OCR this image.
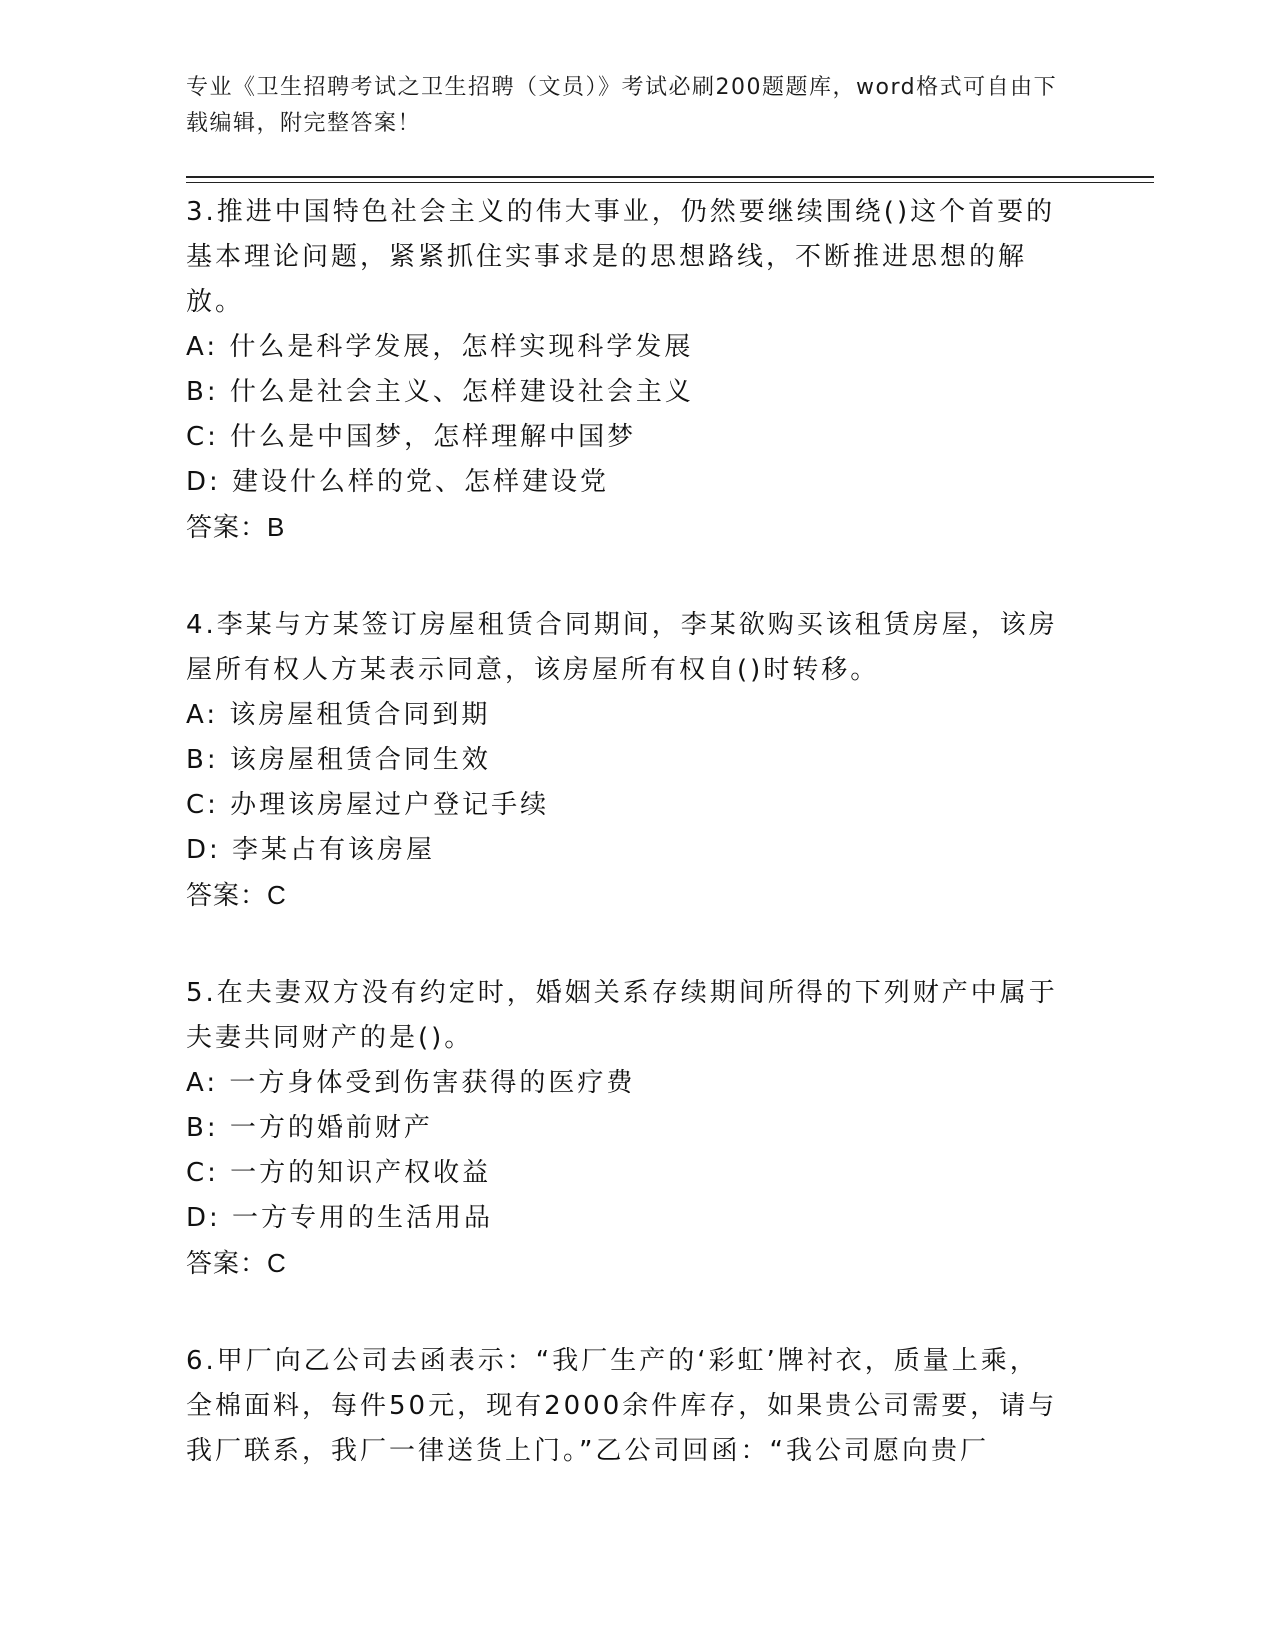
专业《卫生招聘考试之卫生招聘（文员）》考试必刷200题题库，word格式可自由下载编辑，附完整答案！
3.推进中国特色社会主义的伟大事业，仍然要继续围绕()这个首要的基本理论问题，紧紧抓住实事求是的思想路线，不断推进思想的解放。
A: 什么是科学发展，怎样实现科学发展
B: 什么是社会主义、怎样建设社会主义
C: 什么是中国梦，怎样理解中国梦
D: 建设什么样的党、怎样建设党
答案：B
4.李某与方某签订房屋租赁合同期间，李某欲购买该租赁房屋，该房屋所有权人方某表示同意，该房屋所有权自()时转移。
A: 该房屋租赁合同到期
B: 该房屋租赁合同生效
C: 办理该房屋过户登记手续
D: 李某占有该房屋
答案：C
5.在夫妻双方没有约定时，婚姻关系存续期间所得的下列财产中属于夫妻共同财产的是()。
A: 一方身体受到伤害获得的医疗费
B: 一方的婚前财产
C: 一方的知识产权收益
D: 一方专用的生活用品
答案：C
6.甲厂向乙公司去函表示：“我厂生产的‘彩虹’牌衬衣，质量上乘，全棉面料，每件50元，现有2000余件库存，如果贵公司需要，请与我厂联系，我厂一律送货上门。”乙公司回函：“我公司愿向贵厂
